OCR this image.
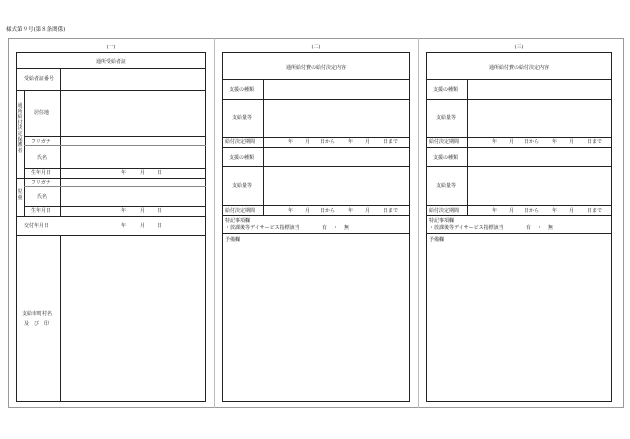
様式第９号(第８条関係)
(一)
通所受給者証
受給者証番号
通所給付決定保護者
居住地
フリガナ
氏名
生年月日	年	月 日
児童
フリガナ
氏名
生年月日	年	月 日
交付年月日	年	月 日
支給市町村名
及　び　印
(二)
通所給付費の給付決定内容
支援の種類
支給量等
給付決定期間	年 月 日から	年 月	日まで
支援の種類
支給量等
給付決定期間	年 月 日から	年 月	日まで
特記事項欄
・放課後等デイサービス指標該当	有 ・ 無
予備欄
(三)
通所給付費の給付決定内容
支援の種類
支給量等
給付決定期間	年 月 日から	年 月	日まで
支援の種類
支給量等
給付決定期間	年 月 日から	年 月	日まで
特記事項欄
・放課後等デイサービス指標該当	有 ・ 無
予備欄
